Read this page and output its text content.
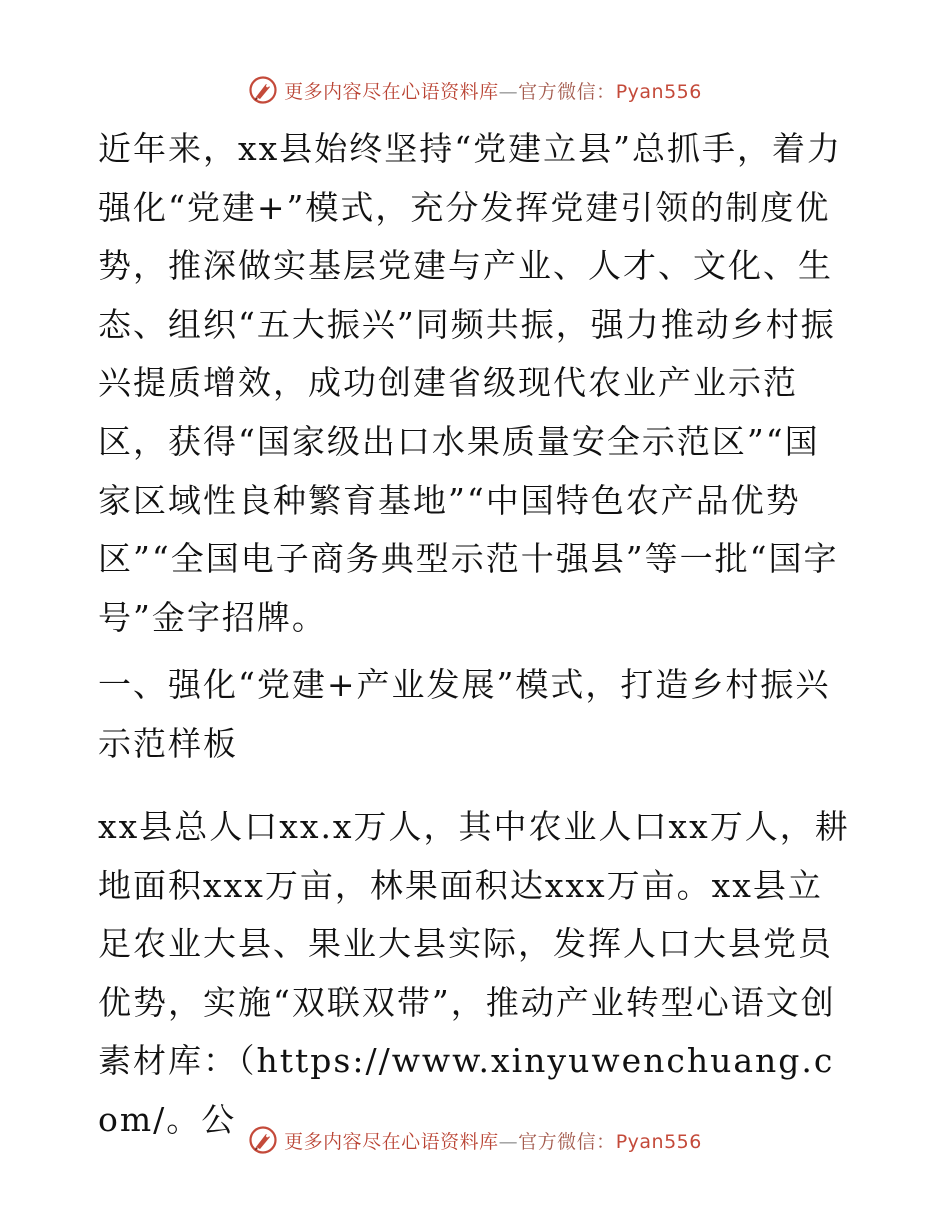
更多内容尽在心语资料库—官方微信：Pyan556

近年来，xx县始终坚持“党建立县”总抓手，着力强化“党建+”模式，充分发挥党建引领的制度优势，推深做实基层党建与产业、人才、文化、生态、组织“五大振兴”同频共振，强力推动乡村振兴提质增效，成功创建省级现代农业产业示范区，获得“国家级出口水果质量安全示范区”“国家区域性良种繁育基地”“中国特色农产品优势区”“全国电子商务典型示范十强县”等一批“国字号”金字招牌。

一、强化“党建+产业发展”模式，打造乡村振兴示范样板

xx县总人口xx.x万人，其中农业人口xx万人，耕地面积xxx万亩，林果面积达xxx万亩。xx县立足农业大县、果业大县实际，发挥人口大县党员优势，实施“双联双带”，推动产业转型心语文创素材库：（https://www.xinyuwenchuang.com/。公

更多内容尽在心语资料库—官方微信：Pyan556
